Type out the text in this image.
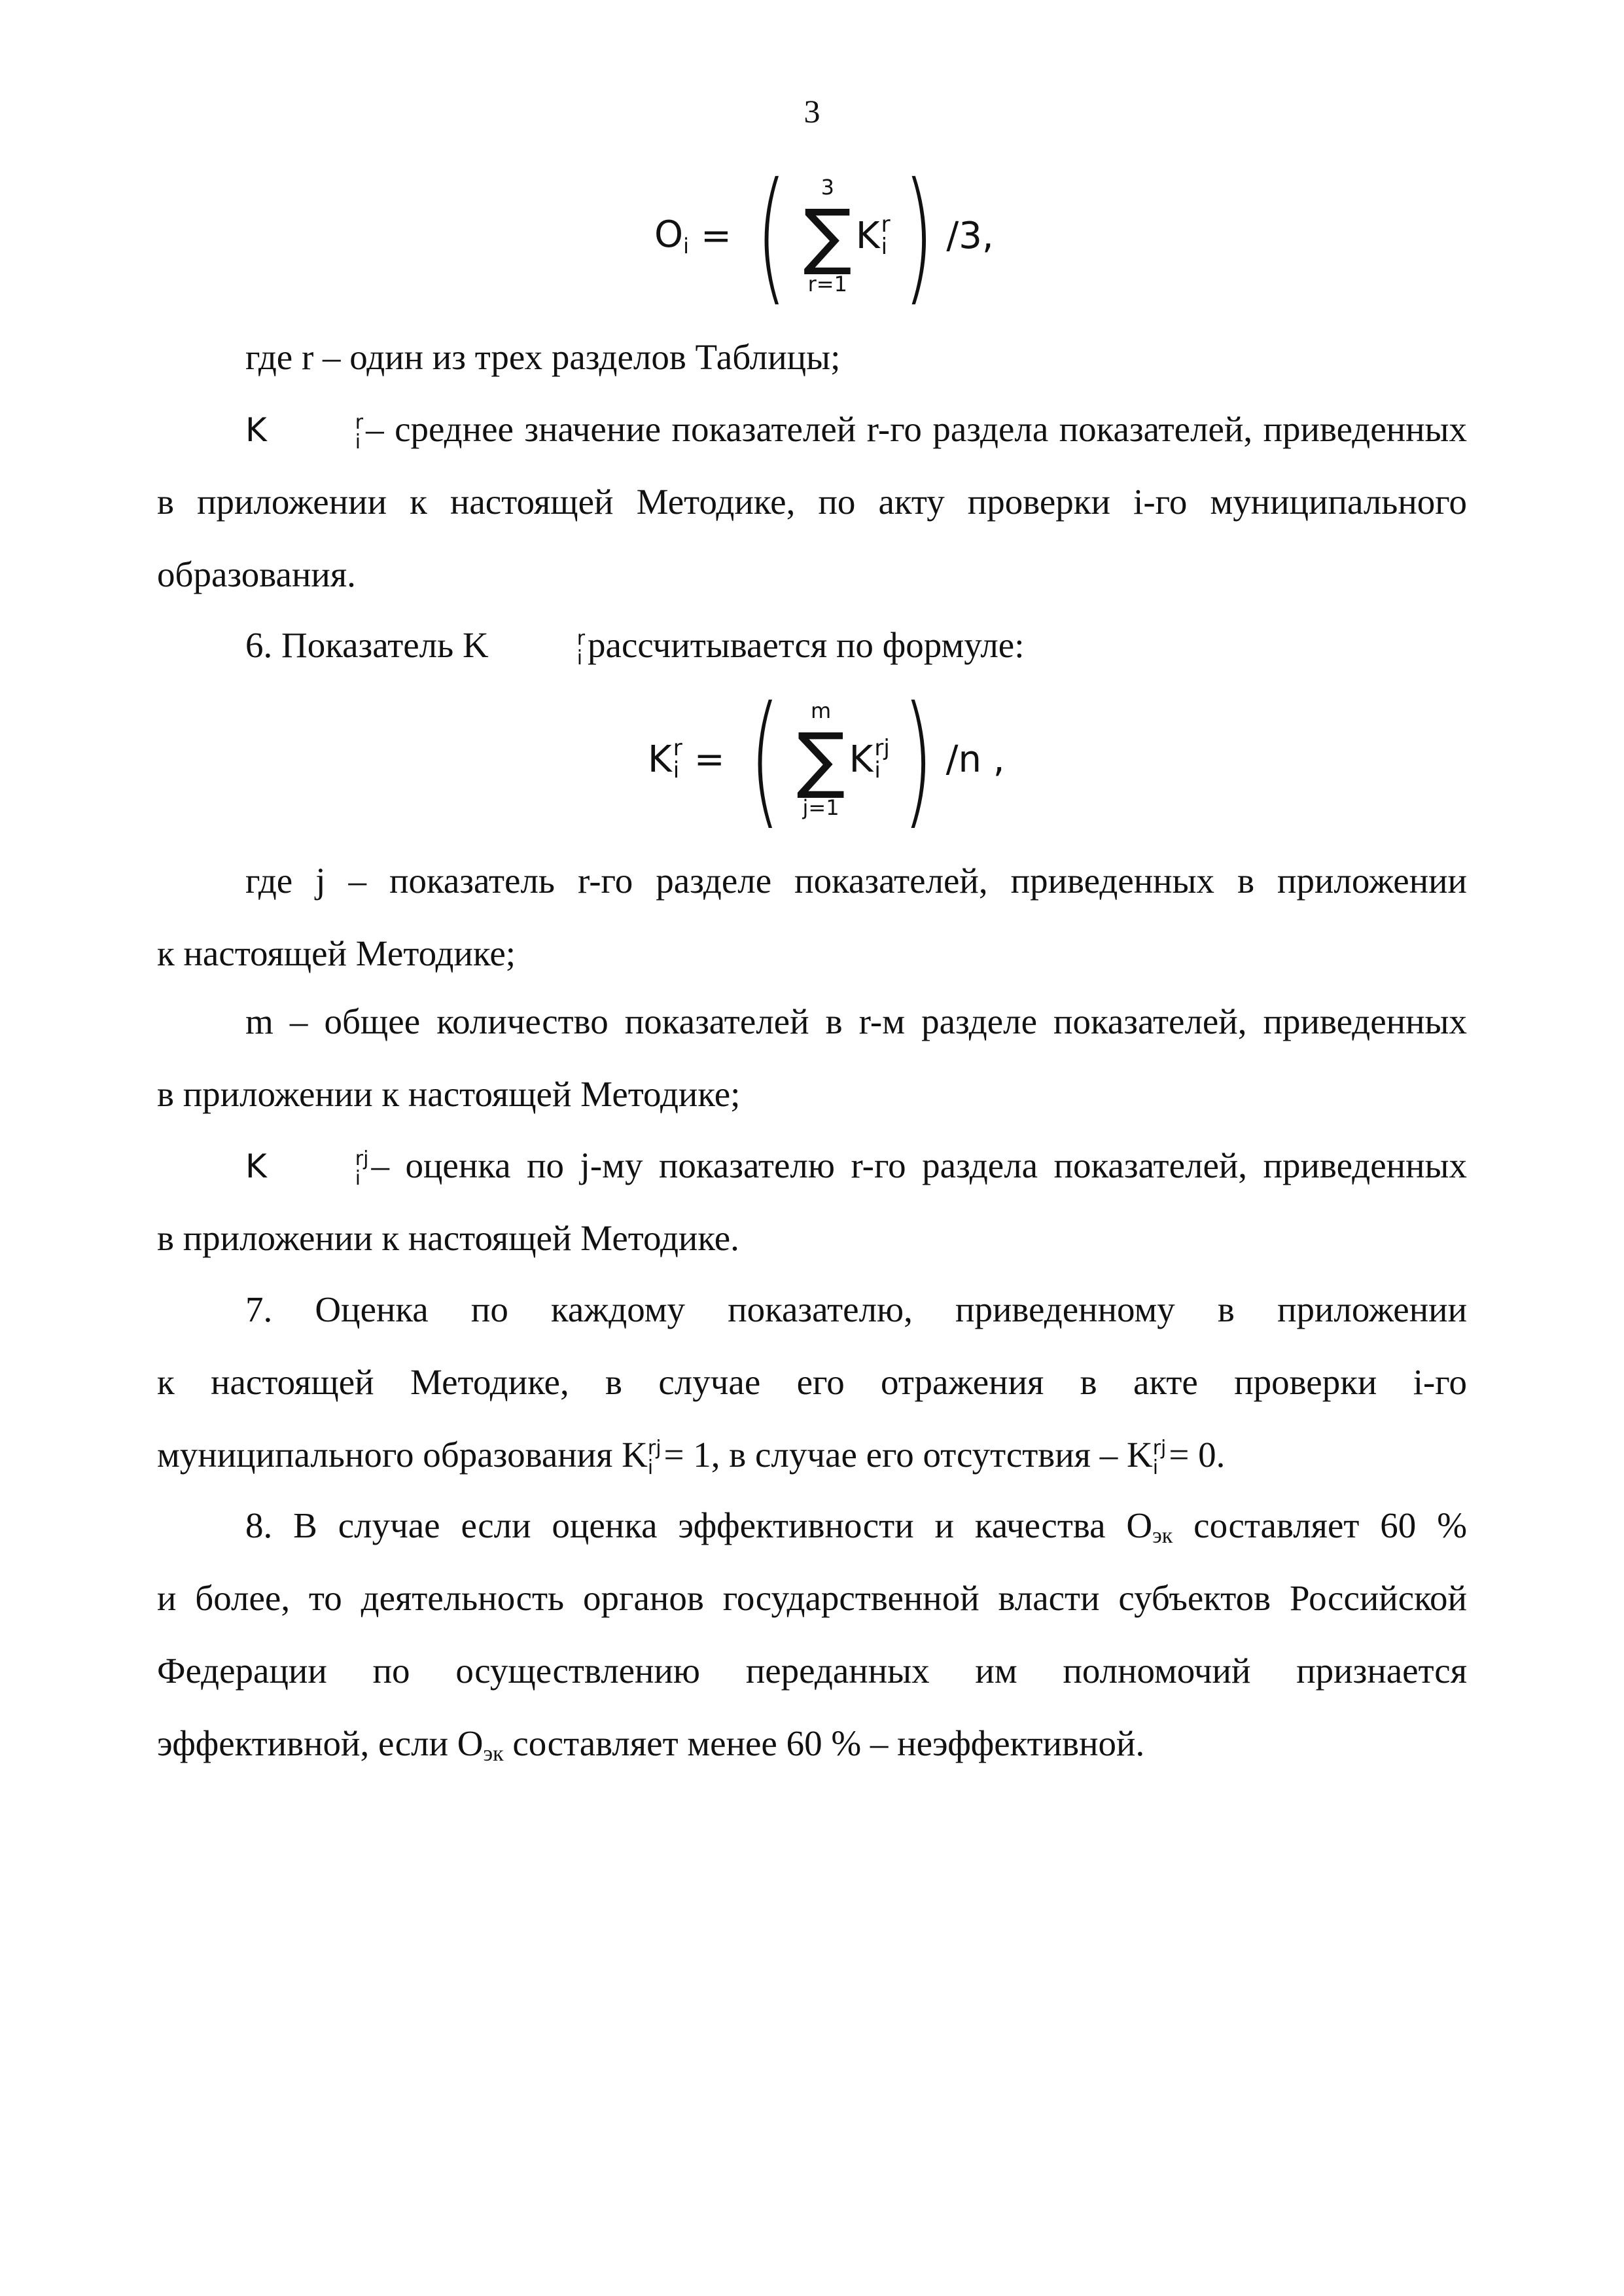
3
Oi = ( 3
∑
r=1
K r
i ) /3,

где r – один из трех разделов Таблицы;

K	r
i – среднее значение показателей r-го раздела показателей, приведенных

в приложении к настоящей Методике, по акту проверки i-го муниципального

образования.

6. Показатель K	r
i рассчитывается по формуле:
K r
i = ( m
∑
j=1
K rj
i ) /n ,

где j – показатель r-го разделе показателей, приведенных в приложении

к настоящей Методике;

m – общее количество показателей в r-м разделе показателей, приведенных

в приложении к настоящей Методике;

K	rj
i – оценка по j-му показателю r-го раздела показателей, приведенных

в приложении к настоящей Методике.

7. Оценка по каждому показателю, приведенному в приложении

к настоящей Методике, в случае его отражения в акте проверки i-го

муниципального образования K rj
i = 1, в случае его отсутствия – K rj
i = 0.
8. В случае если оценка эффективности и качества Oэк составляет 60 %

и более, то деятельность органов государственной власти субъектов Российской

Федерации по осуществлению переданных им полномочий признается

эффективной, если Oэк составляет менее 60 % – неэффективной.
